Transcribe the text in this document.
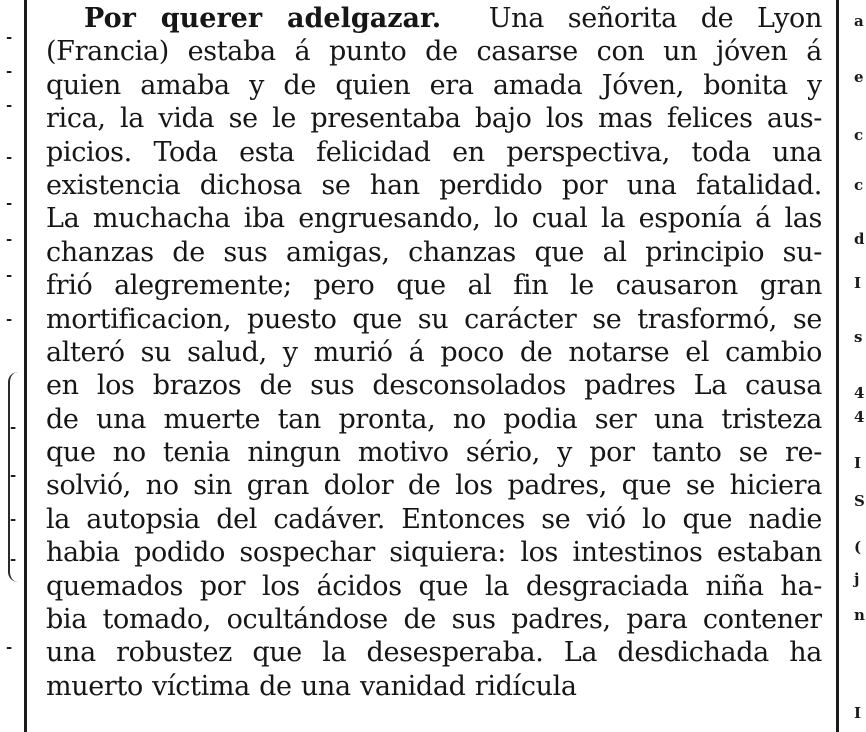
-
-
-
-
-
-
-
-
-
-
-
-
-
Por querer adelgazar. Una señorita de Lyon
(Francia) estaba á punto de casarse con un jóven á
quien amaba y de quien era amada Jóven, bonita y
rica, la vida se le presentaba bajo los mas felices aus-
picios. Toda esta felicidad en perspectiva, toda una
existencia dichosa se han perdido por una fatalidad.
La muchacha iba engruesando, lo cual la esponía á las
chanzas de sus amigas, chanzas que al principio su-
frió alegremente; pero que al fin le causaron gran
mortificacion, puesto que su carácter se trasformó, se
alteró su salud, y murió á poco de notarse el cambio
en los brazos de sus desconsolados padres La causa
de una muerte tan pronta, no podia ser una tristeza
que no tenia ningun motivo sério, y por tanto se re-
solvió, no sin gran dolor de los padres, que se hiciera
la autopsia del cadáver. Entonces se vió lo que nadie
habia podido sospechar siquiera: los intestinos estaban
quemados por los ácidos que la desgraciada niña ha-
bia tomado, ocultándose de sus padres, para contener
una robustez que la desesperaba. La desdichada ha
muerto víctima de una vanidad ridícula
a
e
c
c
d
I
s
4
4
I
S
(
j
n
I
